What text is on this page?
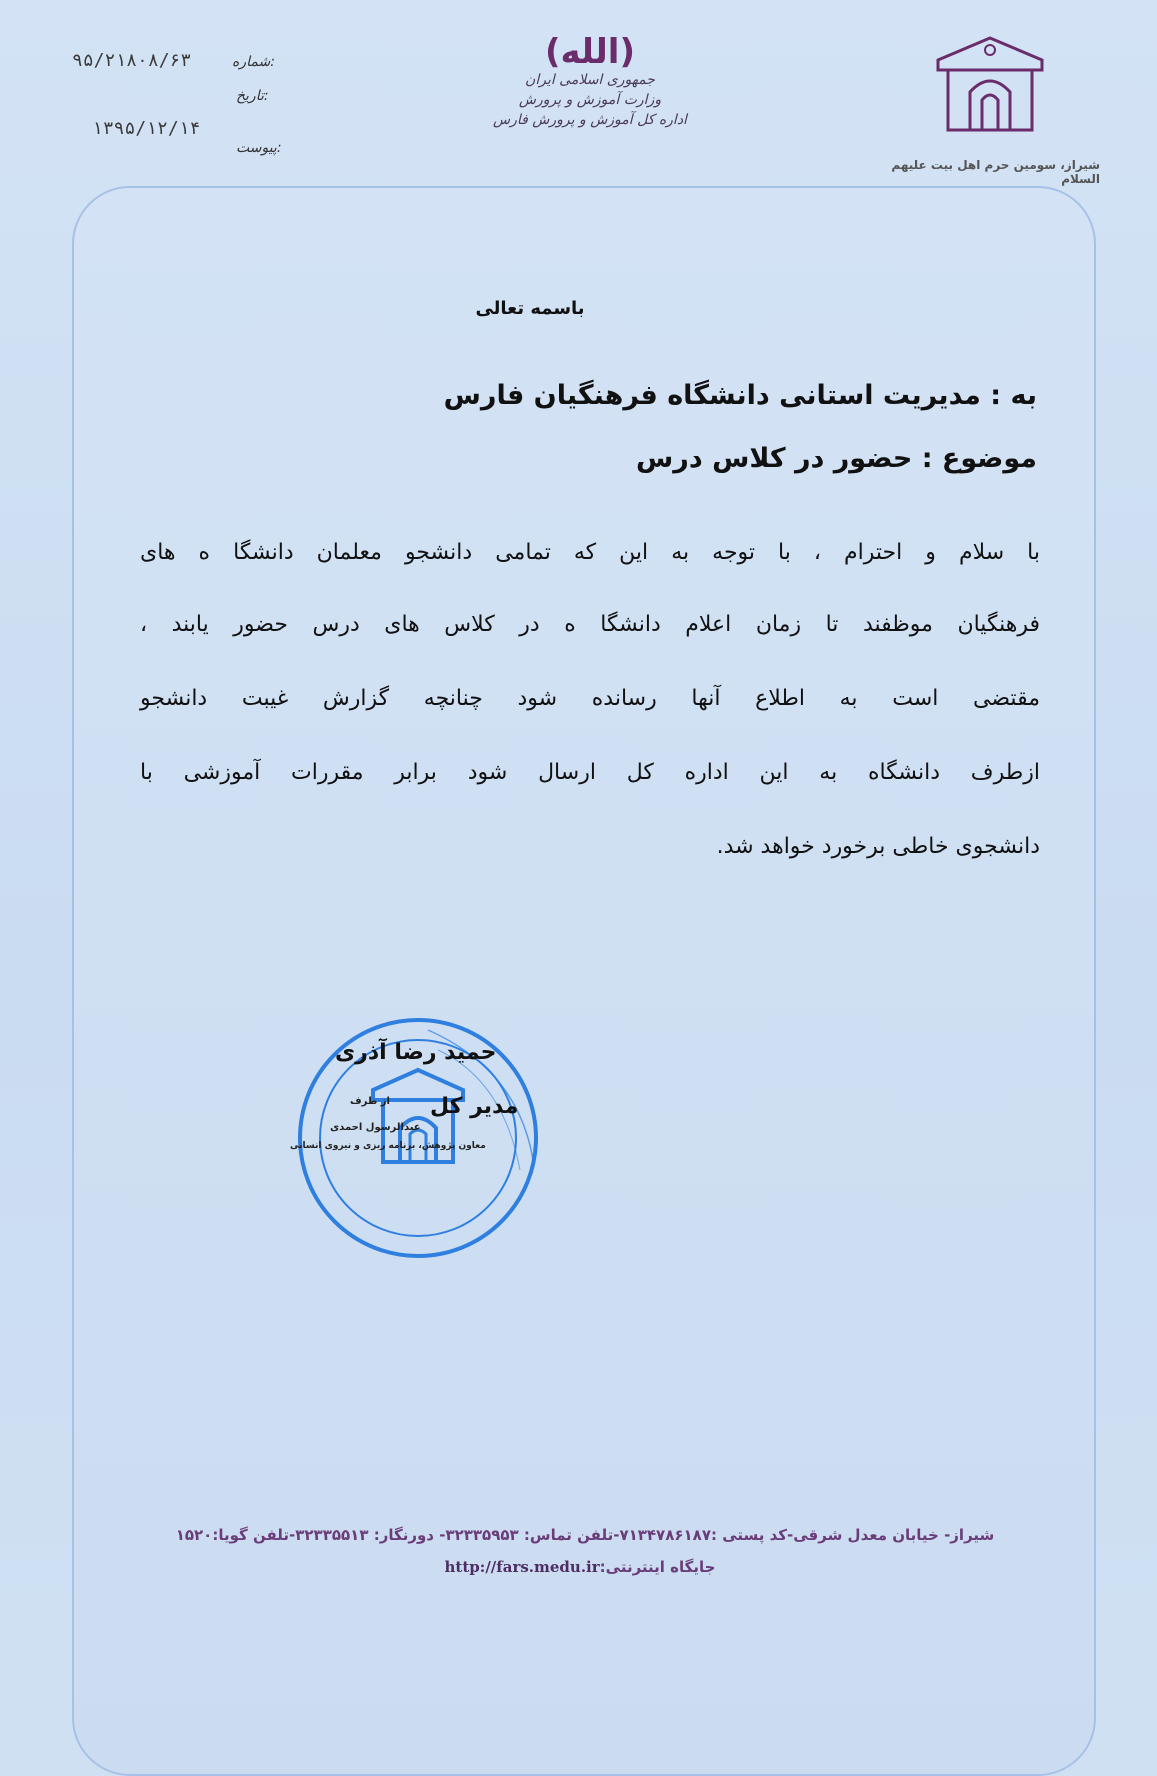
۹۵/۲۱۸۰۸/۶۳	شماره:
تاریخ:
۱۳۹۵/۱۲/۱۴
پیوست:
(الله)
جمهوری اسلامی ایران
وزارت آموزش و پرورش
اداره کل آموزش و پرورش فارس
شیراز، سومین حرم اهل بیت علیهم السلام
باسمه تعالی
به : مدیریت استانی دانشگاه فرهنگیان فارس
موضوع : حضور در کلاس درس
با سلام و احترام ، با توجه به این که تمامی دانشجو معلمان دانشگا ه های
فرهنگیان موظفند تا زمان اعلام دانشگا ه در کلاس های درس حضور یابند ،
مقتضی است به اطلاع آنها رسانده شود چنانچه گزارش غیبت دانشجو
ازطرف دانشگاه به این اداره کل ارسال شود برابر مقررات آموزشی با
دانشجوی خاطی برخورد خواهد شد.
حمید رضا آذری
مدیر کل
از طرف
عبدالرسول احمدی
معاون پژوهش، برنامه ریزی و نیروی انسانی
شیراز- خیابان معدل شرقی-کد پستی :۷۱۳۴۷۸۶۱۸۷-تلفن تماس: ۳۲۳۳۵۹۵۳- دورنگار: ۳۲۳۳۵۵۱۳-تلفن گویا:۱۵۲۰
جایگاه اینترنتی:http://fars.medu.ir
